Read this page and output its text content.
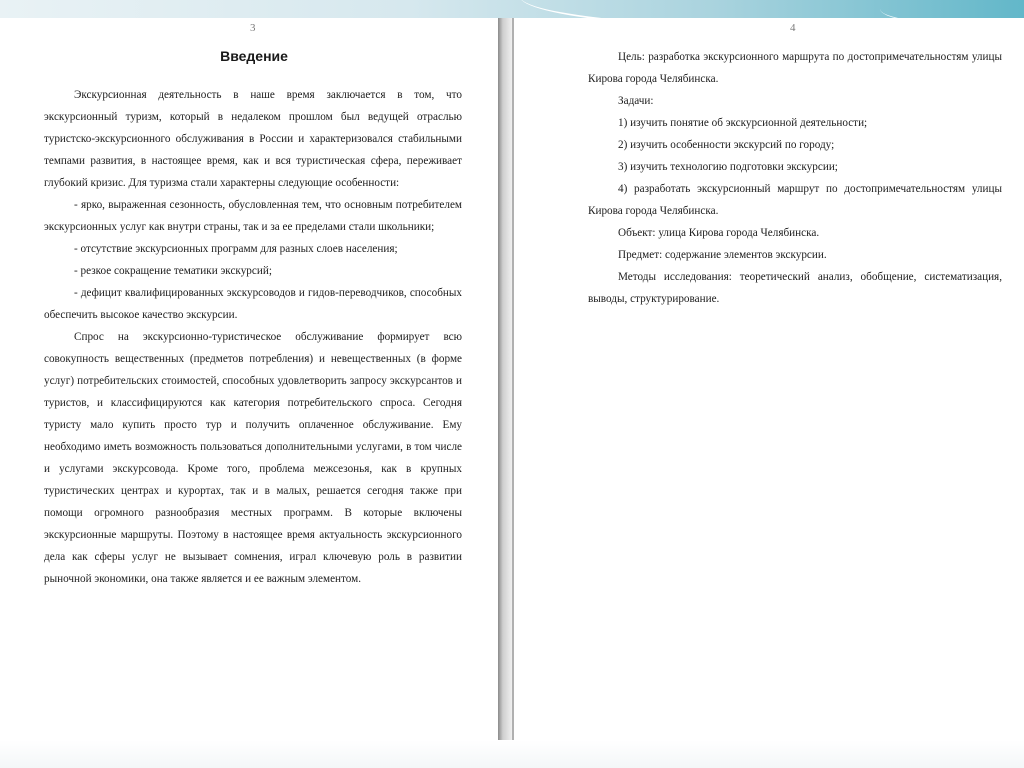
3	4
Введение

Экскурсионная деятельность в наше время заключается в том, что экскурсионный туризм, который в недалеком прошлом был ведущей отраслью туристско-экскурсионного обслуживания в России и характеризовался стабильными темпами развития, в настоящее время, как и вся туристическая сфера, переживает глубокий кризис. Для туризма стали характерны следующие особенности:

- ярко, выраженная сезонность, обусловленная тем, что основным потребителем экскурсионных услуг как внутри страны, так и за ее пределами стали школьники;

- отсутствие экскурсионных программ для разных слоев населения;

- резкое сокращение тематики экскурсий;

- дефицит квалифицированных экскурсоводов и гидов-переводчиков, способных обеспечить высокое качество экскурсии.

Спрос на экскурсионно-туристическое обслуживание формирует всю совокупность вещественных (предметов потребления) и невещественных (в форме услуг) потребительских стоимостей, способных удовлетворить запросу экскурсантов и туристов, и классифицируются как категория потребительского спроса. Сегодня туристу мало купить просто тур и получить оплаченное обслуживание. Ему необходимо иметь возможность пользоваться дополнительными услугами, в том числе и услугами экскурсовода. Кроме того, проблема межсезонья, как в крупных туристических центрах и курортах, так и в малых, решается сегодня также при помощи огромного разнообразия местных программ. В которые включены экскурсионные маршруты. Поэтому в настоящее время актуальность экскурсионного дела как сферы услуг не вызывает сомнения, играл ключевую роль в развитии рыночной экономики, она также является и ее важным элементом.

Цель: разработка экскурсионного маршрута по достопримечательностям улицы Кирова города Челябинска.

Задачи:

1) изучить понятие об экскурсионной деятельности;

2) изучить особенности экскурсий по городу;

3) изучить технологию подготовки экскурсии;

4) разработать экскурсионный маршрут по достопримечательностям улицы Кирова города Челябинска.

Объект: улица Кирова города Челябинска.

Предмет: содержание элементов экскурсии.

Методы исследования: теоретический анализ, обобщение, систематизация, выводы, структурирование.
